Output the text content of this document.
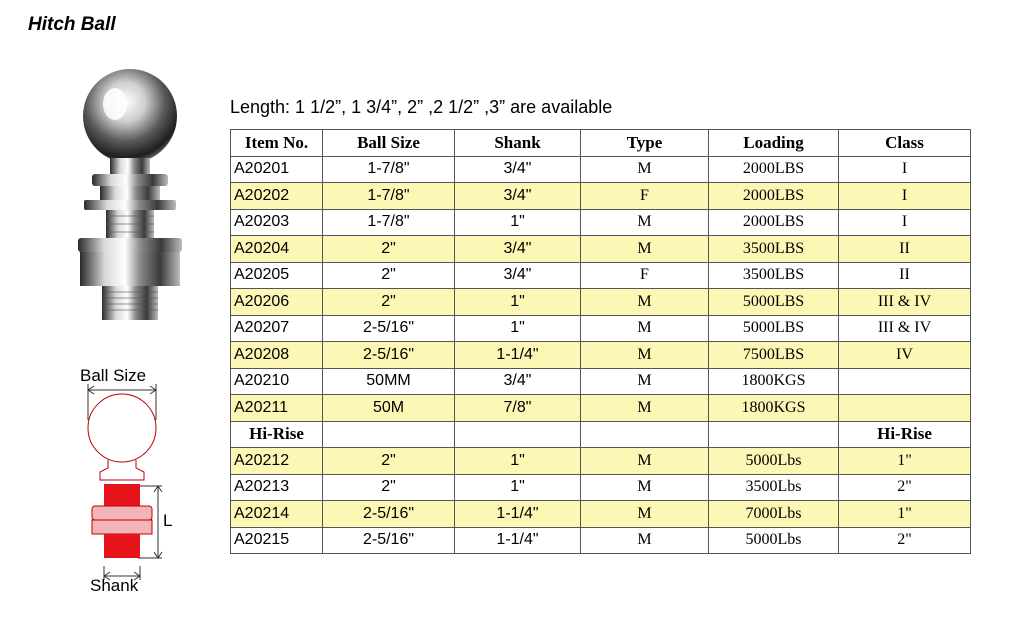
Hitch Ball
Ball Size
L
Shank
Length: 1 1/2”, 1 3/4”, 2” ,2 1/2” ,3” are available
Item No.	Ball Size	Shank	Type	Loading	Class
A20201	1-7/8"	3/4"	M	2000LBS	I
A20202	1-7/8"	3/4"	F	2000LBS	I
A20203	1-7/8"	1"	M	2000LBS	I
A20204	2"	3/4"	M	3500LBS	II
A20205	2"	3/4"	F	3500LBS	II
A20206	2"	1"	M	5000LBS	III & IV
A20207	2-5/16"	1"	M	5000LBS	III & IV
A20208	2-5/16"	1-1/4"	M	7500LBS	IV
A20210	50MM	3/4"	M	1800KGS	
A20211	50M	7/8"	M	1800KGS	
Hi-Rise					Hi-Rise
A20212	2"	1"	M	5000Lbs	1"
A20213	2"	1"	M	3500Lbs	2"
A20214	2-5/16"	1-1/4"	M	7000Lbs	1"
A20215	2-5/16"	1-1/4"	M	5000Lbs	2"
